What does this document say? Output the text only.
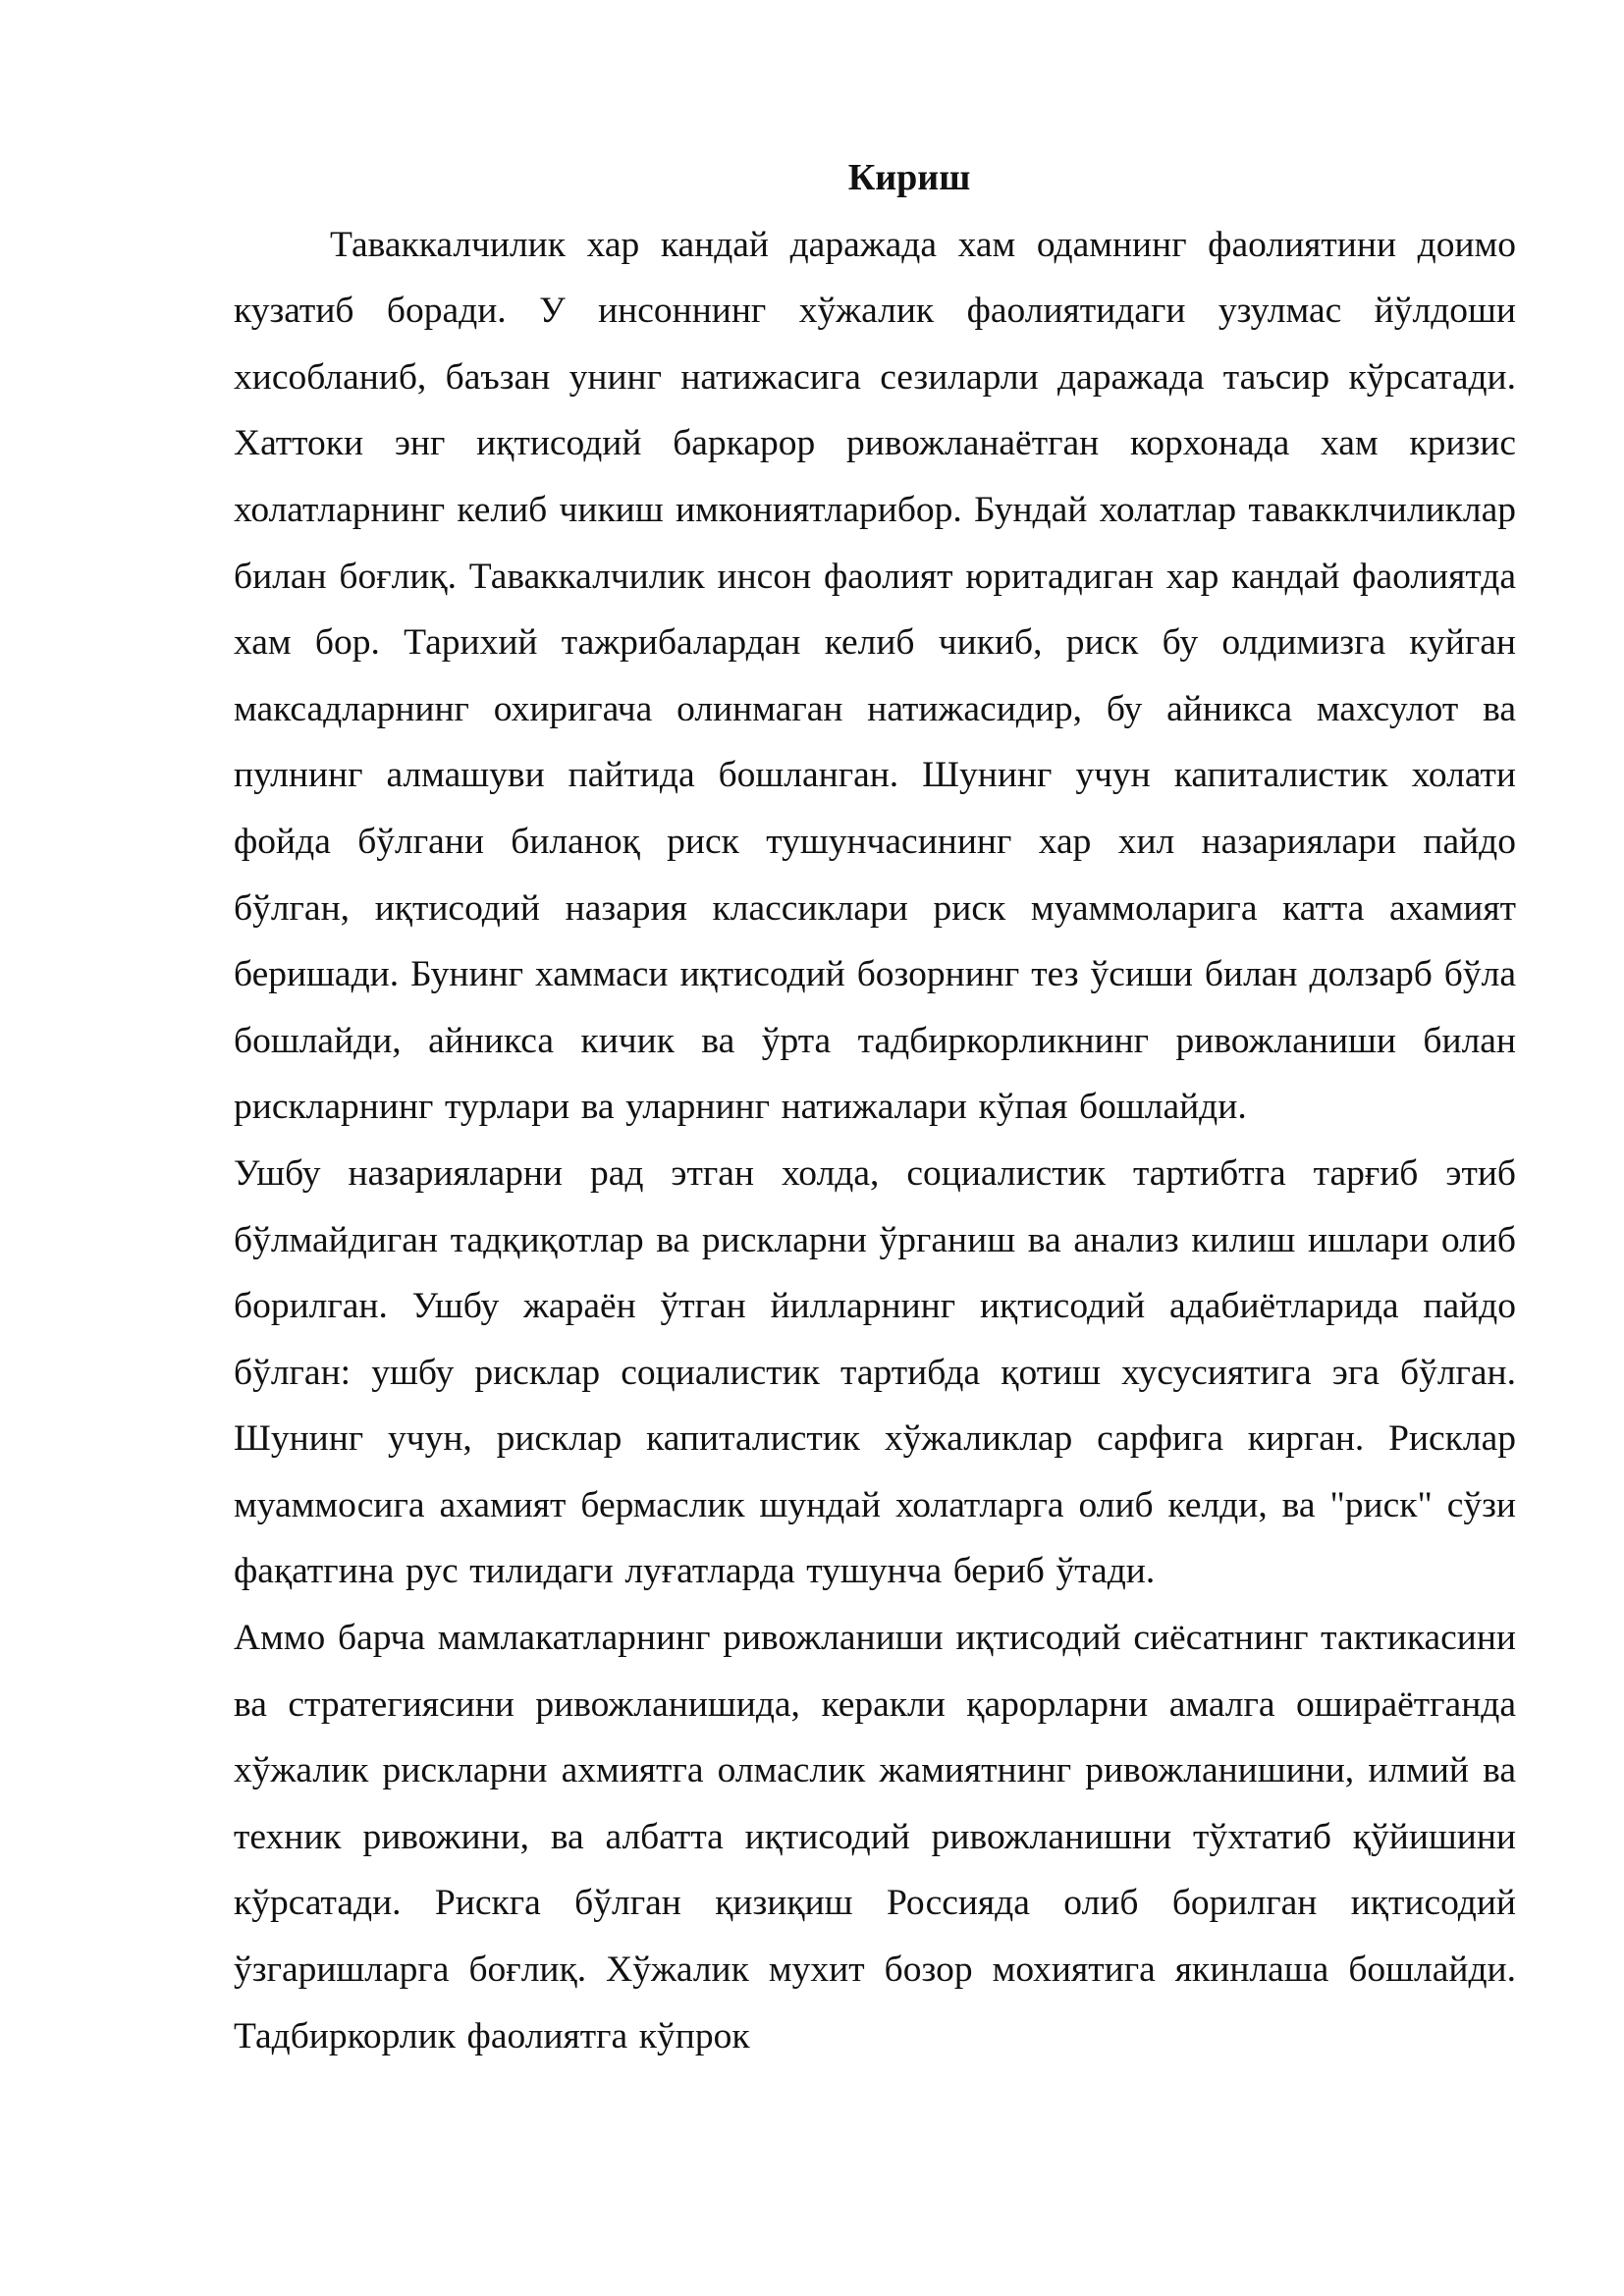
Кириш

Таваккалчилик хар кандай даражада хам одамнинг фаолиятини доимо кузатиб боради. У инсоннинг хўжалик фаолиятидаги узулмас йўлдоши хисобланиб, баъзан унинг натижасига сезиларли даражада таъсир кўрсатади. Хаттоки энг иқтисодий баркарор ривожланаётган корхонада хам кризис холатларнинг келиб чикиш имкониятларибор. Бундай холатлар тавакклчиликлар билан боғлиқ. Таваккалчилик инсон фаолият юритадиган хар кандай фаолиятда хам бор. Тарихий тажрибалардан келиб чикиб, риск бу олдимизга куйган максадларнинг охиригача олинмаган натижасидир, бу айникса махсулот ва пулнинг алмашуви пайтида бошланган. Шунинг учун капиталистик холати фойда бўлгани биланоқ риск тушунчасининг хар хил назариялари пайдо бўлган, иқтисодий назария классиклари риск муаммоларига катта ахамият беришади. Бунинг хаммаси иқтисодий бозорнинг тез ўсиши билан долзарб бўла бошлайди, айникса кичик ва ўрта тадбиркорликнинг ривожланиши билан рискларнинг турлари ва уларнинг натижалари кўпая бошлайди.

Ушбу назарияларни рад этган холда, социалистик тартибтга тарғиб этиб бўлмайдиган тадқиқотлар ва рискларни ўрганиш ва анализ килиш ишлари олиб борилган. Ушбу жараён ўтган йилларнинг иқтисодий адабиётларида пайдо бўлган: ушбу рисклар социалистик тартибда қотиш хусусиятига эга бўлган. Шунинг учун, рисклар капиталистик хўжаликлар сарфига кирган. Рисклар муаммосига ахамият бермаслик шундай холатларга олиб келди, ва "риск" сўзи фақатгина рус тилидаги луғатларда тушунча бериб ўтади.

Аммо барча мамлакатларнинг ривожланиши иқтисодий сиёсатнинг тактикасини ва стратегиясини ривожланишида, керакли қарорларни амалга ошираётганда хўжалик рискларни ахмиятга олмаслик жамиятнинг ривожланишини, илмий ва техник ривожини, ва албатта иқтисодий ривожланишни тўхтатиб қўйишини кўрсатади. Рискга бўлган қизиқиш Россияда олиб борилган иқтисодий ўзгаришларга боғлиқ. Хўжалик мухит бозор мохиятига якинлаша бошлайди. Тадбиркорлик фаолиятга кўпрок
